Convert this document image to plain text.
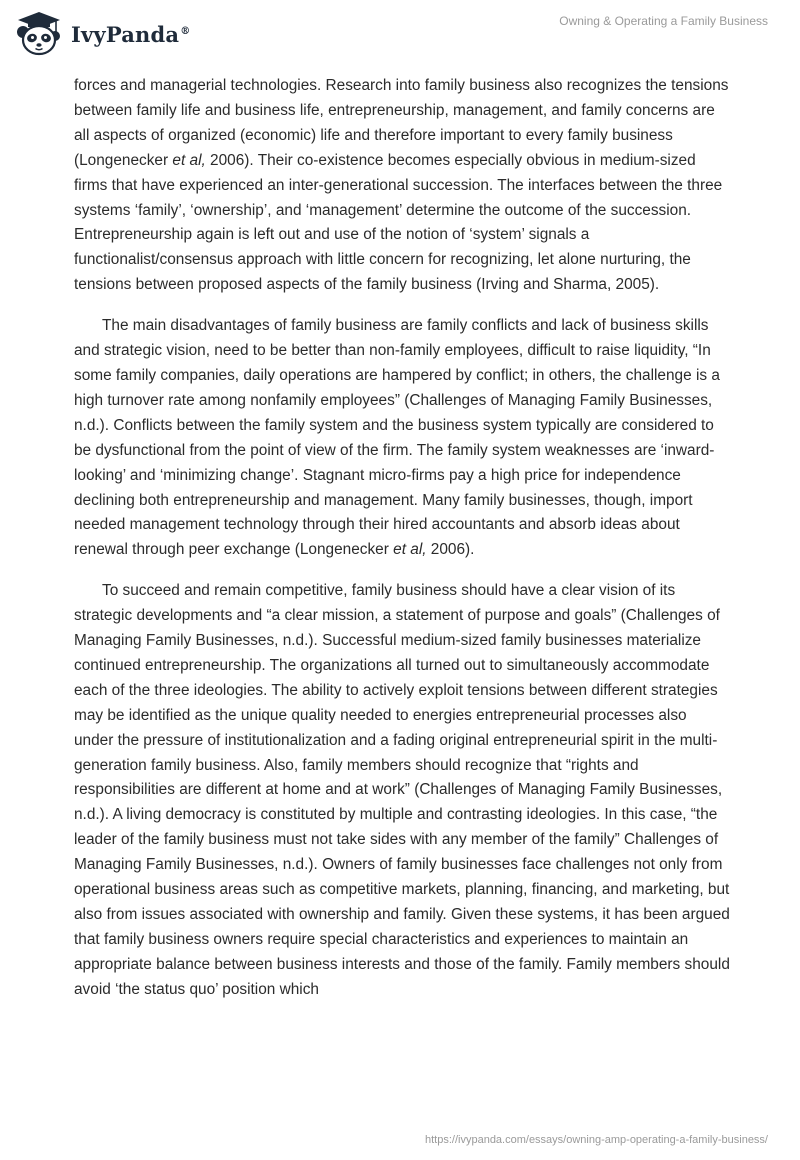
IvyPanda®
Owning & Operating a Family Business

forces and managerial technologies. Research into family business also recognizes the tensions between family life and business life, entrepreneurship, management, and family concerns are all aspects of organized (economic) life and therefore important to every family business (Longenecker et al, 2006). Their co-existence becomes especially obvious in medium-sized firms that have experienced an inter-generational succession. The interfaces between the three systems ‘family’, ‘ownership’, and ‘management’ determine the outcome of the succession. Entrepreneurship again is left out and use of the notion of ‘system’ signals a functionalist/consensus approach with little concern for recognizing, let alone nurturing, the tensions between proposed aspects of the family business (Irving and Sharma, 2005).

The main disadvantages of family business are family conflicts and lack of business skills and strategic vision, need to be better than non-family employees, difficult to raise liquidity, “In some family companies, daily operations are hampered by conflict; in others, the challenge is a high turnover rate among nonfamily employees” (Challenges of Managing Family Businesses, n.d.). Conflicts between the family system and the business system typically are considered to be dysfunctional from the point of view of the firm. The family system weaknesses are ‘inward-looking’ and ‘minimizing change’. Stagnant micro-firms pay a high price for independence declining both entrepreneurship and management. Many family businesses, though, import needed management technology through their hired accountants and absorb ideas about renewal through peer exchange (Longenecker et al, 2006).

To succeed and remain competitive, family business should have a clear vision of its strategic developments and “a clear mission, a statement of purpose and goals” (Challenges of Managing Family Businesses, n.d.). Successful medium-sized family businesses materialize continued entrepreneurship. The organizations all turned out to simultaneously accommodate each of the three ideologies. The ability to actively exploit tensions between different strategies may be identified as the unique quality needed to energies entrepreneurial processes also under the pressure of institutionalization and a fading original entrepreneurial spirit in the multi-generation family business. Also, family members should recognize that “rights and responsibilities are different at home and at work” (Challenges of Managing Family Businesses, n.d.). A living democracy is constituted by multiple and contrasting ideologies. In this case, “the leader of the family business must not take sides with any member of the family” Challenges of Managing Family Businesses, n.d.). Owners of family businesses face challenges not only from operational business areas such as competitive markets, planning, financing, and marketing, but also from issues associated with ownership and family. Given these systems, it has been argued that family business owners require special characteristics and experiences to maintain an appropriate balance between business interests and those of the family. Family members should avoid ‘the status quo’ position which

https://ivypanda.com/essays/owning-amp-operating-a-family-business/
